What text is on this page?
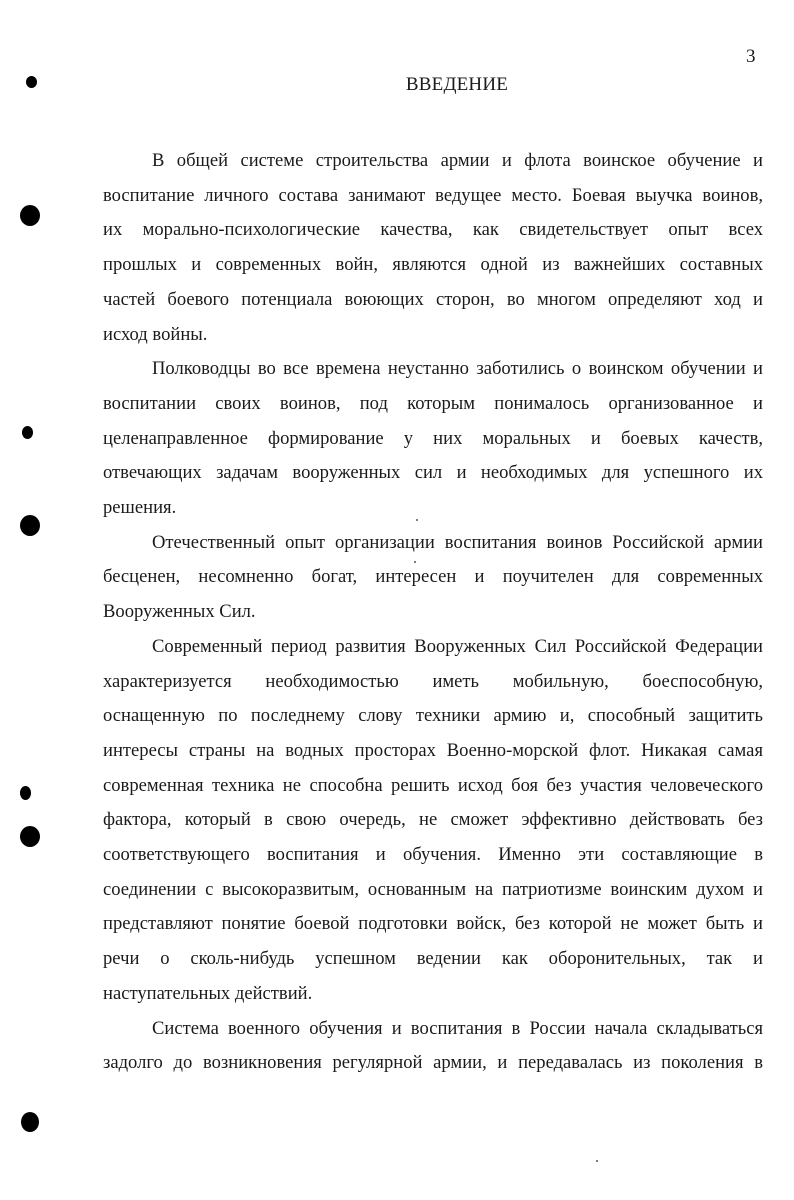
3
ВВЕДЕНИЕ

В общей системе строительства армии и флота воинское обучение и
воспитание личного состава занимают ведущее место. Боевая выучка воинов,
их морально-психологические качества, как свидетельствует опыт всех
прошлых и современных войн, являются одной из важнейших составных
частей боевого потенциала воюющих сторон, во многом определяют ход и
исход войны.

Полководцы во все времена неустанно заботились о воинском обучении и
воспитании своих воинов, под которым понималось организованное и
целенаправленное формирование у них моральных и боевых качеств,
отвечающих задачам вооруженных сил и необходимых для успешного их
решения.

Отечественный опыт организации воспитания воинов Российской армии
бесценен, несомненно богат, интересен и поучителен для современных
Вооруженных Сил.

Современный период развития Вооруженных Сил Российской Федерации
характеризуется необходимостью иметь мобильную, боеспособную,
оснащенную по последнему слову техники армию и, способный защитить
интересы страны на водных просторах Военно-морской флот. Никакая самая
современная техника не способна решить исход боя без участия человеческого
фактора, который в свою очередь, не сможет эффективно действовать без
соответствующего воспитания и обучения. Именно эти составляющие в
соединении с высокоразвитым, основанным на патриотизме воинским духом и
представляют понятие боевой подготовки войск, без которой не может быть и
речи о сколь-нибудь успешном ведении как оборонительных, так и
наступательных действий.

Система военного обучения и воспитания в России начала складываться
задолго до возникновения регулярной армии, и передавалась из поколения в
